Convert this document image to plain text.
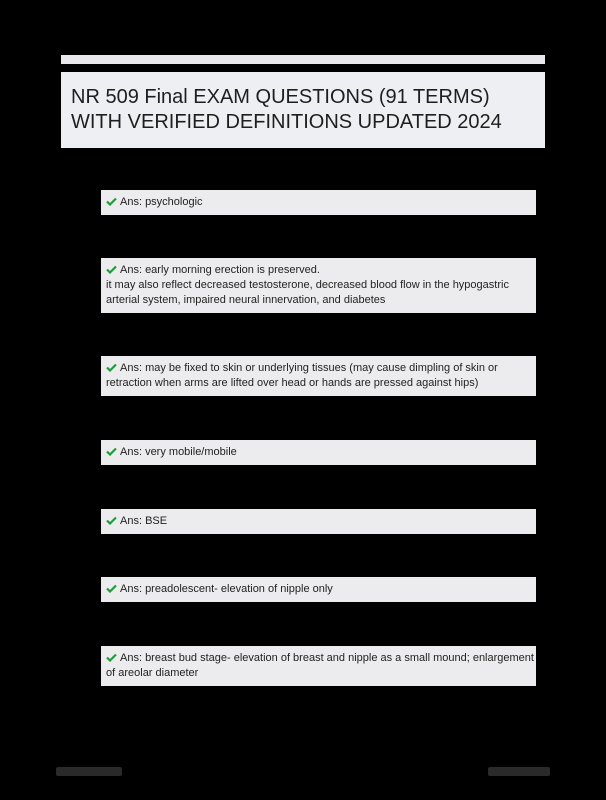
NR 509 Final EXAM QUESTIONS (91 TERMS)
WITH VERIFIED DEFINITIONS UPDATED 2024
Ans: psychologic
Ans: early morning erection is preserved.
it may also reflect decreased testosterone, decreased blood flow in the hypogastric
arterial system, impaired neural innervation, and diabetes
Ans: may be fixed to skin or underlying tissues (may cause dimpling of skin or
retraction when arms are lifted over head or hands are pressed against hips)
Ans: very mobile/mobile
Ans: BSE
Ans: preadolescent- elevation of nipple only
Ans: breast bud stage- elevation of breast and nipple as a small mound; enlargement
of areolar diameter
